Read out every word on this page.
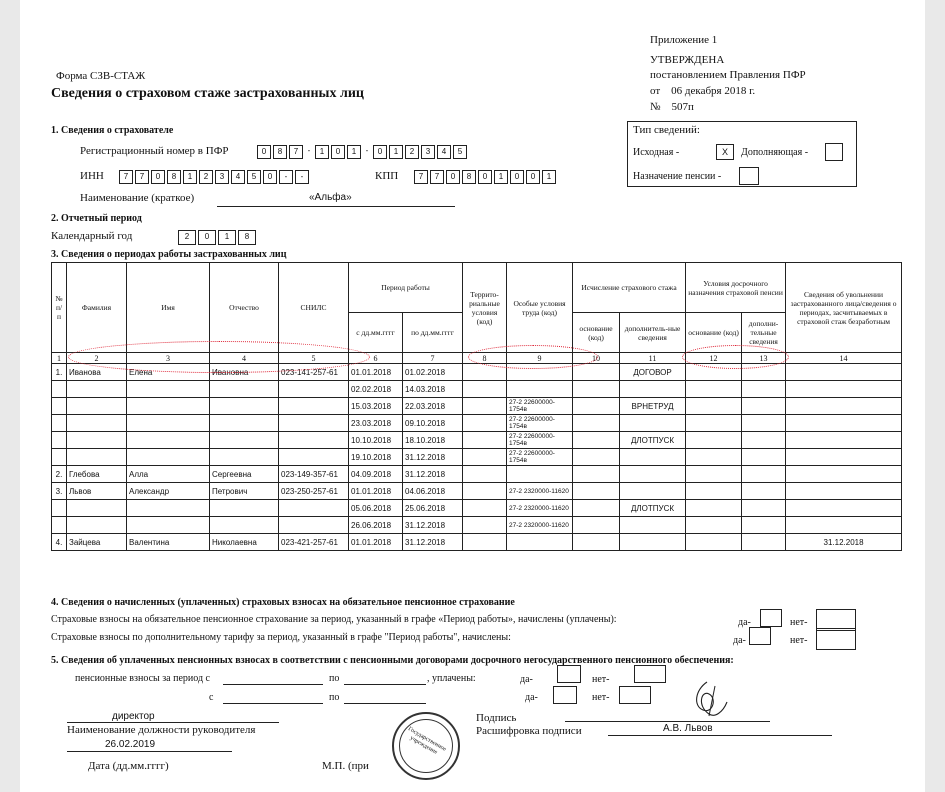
Приложение 1
УТВЕРЖДЕНА
постановлением Правления ПФР
от    06 декабря 2018 г.
№    507п
Форма СЗВ-СТАЖ
Сведения о страховом стаже застрахованных лиц
1. Сведения о страхователе
Регистрационный номер в ПФР	0	8	7	-	1	0	1	-	0	1	2	3	4	5
ИНН	7	7	0	8	1	2	3	4	5	0	-	-	КПП	7	7	0	8	0	1	0	0	1
Наименование (краткое)	«Альфа»
Тип сведений:
Исходная -	X	Дополняющая -
Назначение пенсии -
2. Отчетный период
Календарный год	2	0	1	8
3. Сведения о периодах работы застрахованных лиц
№ п/п	Фамилия	Имя	Отчество	СНИЛС	Период работы		Террито-риальные условия (код)	Особые условия труда (код)	Исчисление страхового стажа		Условия досрочного назначения страховой пенсии		Сведения об увольнении застрахованного лица/сведения о периодах, засчитываемых в страховой стаж безработным
					с дд.мм.гггг	по дд.мм.гггг			основание (код)	дополнитель-ные сведения	основание (код)	дополни-тельные сведения	
1	2	3	4	5	6	7	8	9	10	11	12	13	14
1.	Иванова	Елена	Ивановна	023-141-257-61	01.01.2018	01.02.2018				ДОГОВОР			
					02.02.2018	14.03.2018							
					15.03.2018	22.03.2018		27-2 22600000-1754в		ВРНЕТРУД			
					23.03.2018	09.10.2018		27-2 22600000-1754в					
					10.10.2018	18.10.2018		27-2 22600000-1754в		ДЛОТПУСК			
					19.10.2018	31.12.2018		27-2 22600000-1754в					
2.	Глебова	Алла	Сергеевна	023-149-357-61	04.09.2018	31.12.2018							
3.	Львов	Александр	Петрович	023-250-257-61	01.01.2018	04.06.2018		27-2 2320000-11620					
					05.06.2018	25.06.2018		27-2 2320000-11620		ДЛОТПУСК			
					26.06.2018	31.12.2018		27-2 2320000-11620					
4.	Зайцева	Валентина	Николаевна	023-421-257-61	01.01.2018	31.12.2018							31.12.2018
4. Сведения о начисленных (уплаченных) страховых взносах на обязательное пенсионное страхование
Страховые взносы на обязательное пенсионное страхование за период, указанный в графе «Период работы», начислены (уплачены):
Страховые взносы по дополнительному тарифу за период, указанный в графе "Период работы", начислены:
да-	нет-
да-	нет-
5. Сведения об уплаченных пенсионных взносах в соответствии с пенсионными договорами досрочного негосударственного пенсионного обеспечения:
пенсионные взносы за период с	по	, уплачены:	да-	нет-
с	по	да-	нет-
директор
Наименование должности руководителя
26.02.2019
Дата (дд.мм.гггг)	М.П. (при
Государственное учреждение
Подпись
Расшифровка подписи	А.В. Львов
